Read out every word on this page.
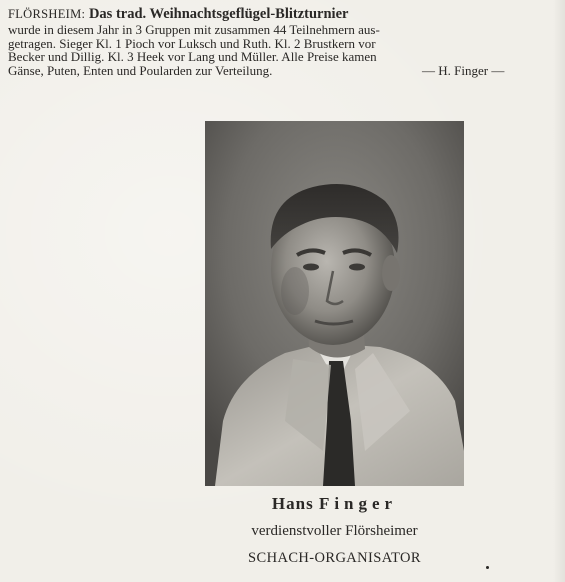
FLÖRSHEIM: Das trad. Weihnachtsgeflügel-Blitzturnier

wurde in diesem Jahr in 3 Gruppen mit zusammen 44 Teilnehmern aus-
getragen. Sieger Kl. 1 Pioch vor Luksch und Ruth. Kl. 2 Brustkern vor
Becker und Dillig. Kl. 3 Heek vor Lang und Müller. Alle Preise kamen
Gänse, Puten, Enten und Poularden zur Verteilung.	— H. Finger —

Hans Finger

verdienstvoller Flörsheimer

SCHACH-ORGANISATOR
